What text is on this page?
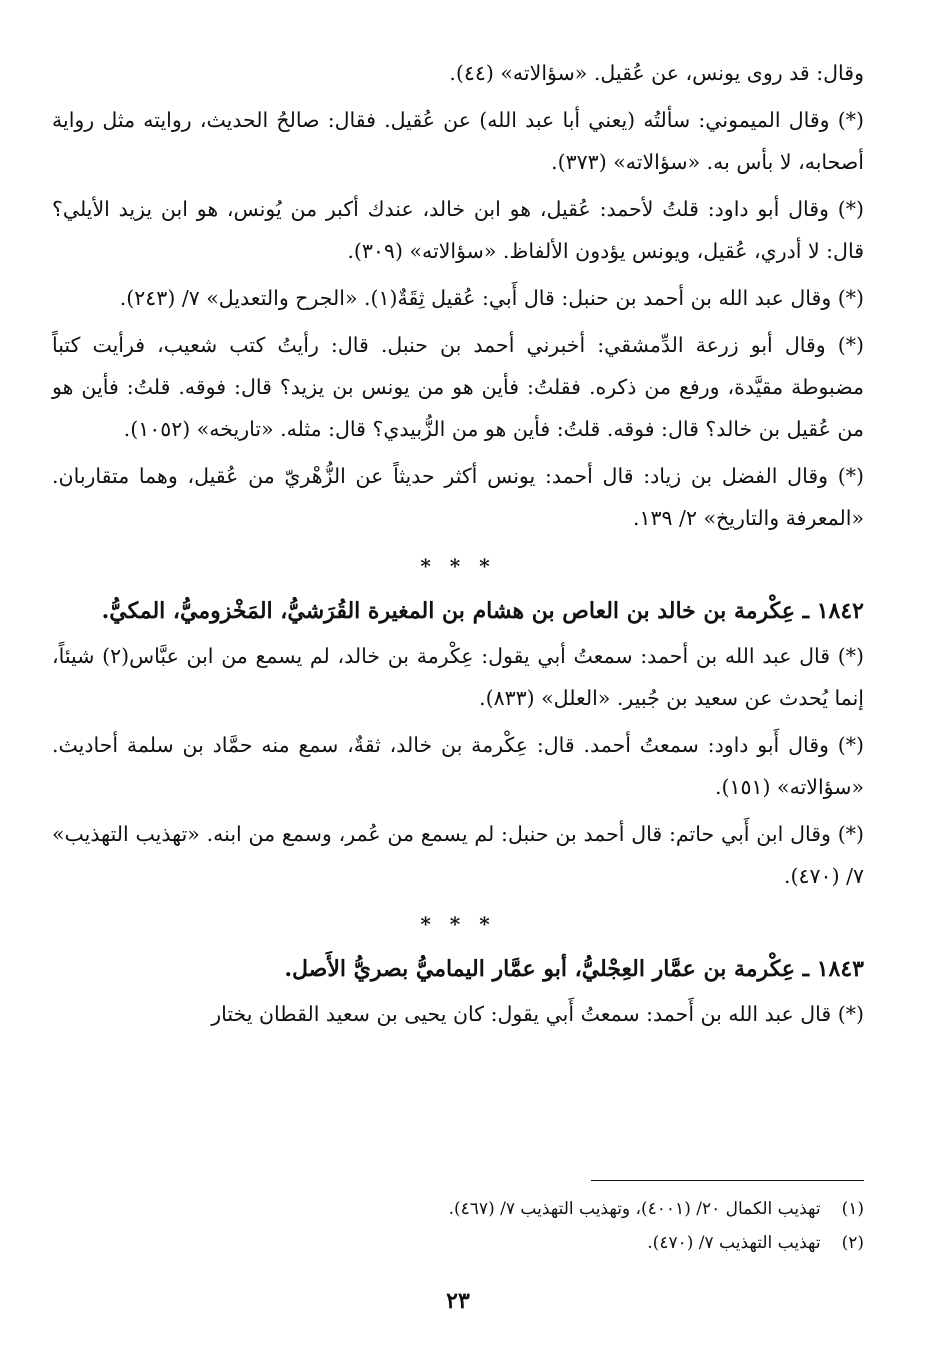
وقال: قد روى يونس، عن عُقيل. «سؤالاته» (٤٤).

(*) وقال الميموني: سألتُه (يعني أبا عبد الله) عن عُقيل. فقال: صالحُ الحديث، روايته مثل رواية أصحابه، لا بأس به. «سؤالاته» (٣٧٣).

(*) وقال أبو داود: قلتُ لأحمد: عُقيل، هو ابن خالد، عندك أكبر من يُونس، هو ابن يزيد الأيلي؟ قال: لا أدري، عُقيل، ويونس يؤدون الألفاظ. «سؤالاته» (٣٠٩).

(*) وقال عبد الله بن أحمد بن حنبل: قال أَبي: عُقيل ثِقَةٌ(١). «الجرح والتعديل» ٧/ (٢٤٣).

(*) وقال أبو زرعة الدِّمشقي: أخبرني أحمد بن حنبل. قال: رأيتُ كتب شعيب، فرأيت كتباً مضبوطة مقيَّدة، ورفع من ذكره. فقلتُ: فأين هو من يونس بن يزيد؟ قال: فوقه. قلتُ: فأين هو من عُقيل بن خالد؟ قال: فوقه. قلتُ: فأين هو من الزُّبيدي؟ قال: مثله. «تاريخه» (١٠٥٢).

(*) وقال الفضل بن زياد: قال أحمد: يونس أكثر حديثاً عن الزُّهْريّ من عُقيل، وهما متقاربان. «المعرفة والتاريخ» ٢/ ١٣٩.

* * *
١٨٤٢ ـ عِكْرمة بن خالد بن العاص بن هشام بن المغيرة القُرَشيُّ، المَخْزوميُّ، المكيُّ.

(*) قال عبد الله بن أحمد: سمعتُ أبي يقول: عِكْرمة بن خالد، لم يسمع من ابن عبَّاس(٢) شيئاً، إنما يُحدث عن سعيد بن جُبير. «العلل» (٨٣٣).

(*) وقال أَبو داود: سمعتُ أحمد. قال: عِكْرمة بن خالد، ثقةٌ، سمع منه حمَّاد بن سلمة أحاديث. «سؤالاته» (١٥١).

(*) وقال ابن أَبي حاتم: قال أحمد بن حنبل: لم يسمع من عُمر، وسمع من ابنه. «تهذيب التهذيب» ٧/ (٤٧٠).

* * *
١٨٤٣ ـ عِكْرمة بن عمَّار العِجْليُّ، أبو عمَّار اليماميُّ بصريُّ الأَصل.

(*) قال عبد الله بن أَحمد: سمعتُ أَبي يقول: كان يحيى بن سعيد القطان يختار

(١) تهذيب الكمال ٢٠/ (٤٠٠١)، وتهذيب التهذيب ٧/ (٤٦٧).
(٢) تهذيب التهذيب ٧/ (٤٧٠).
٢٣
